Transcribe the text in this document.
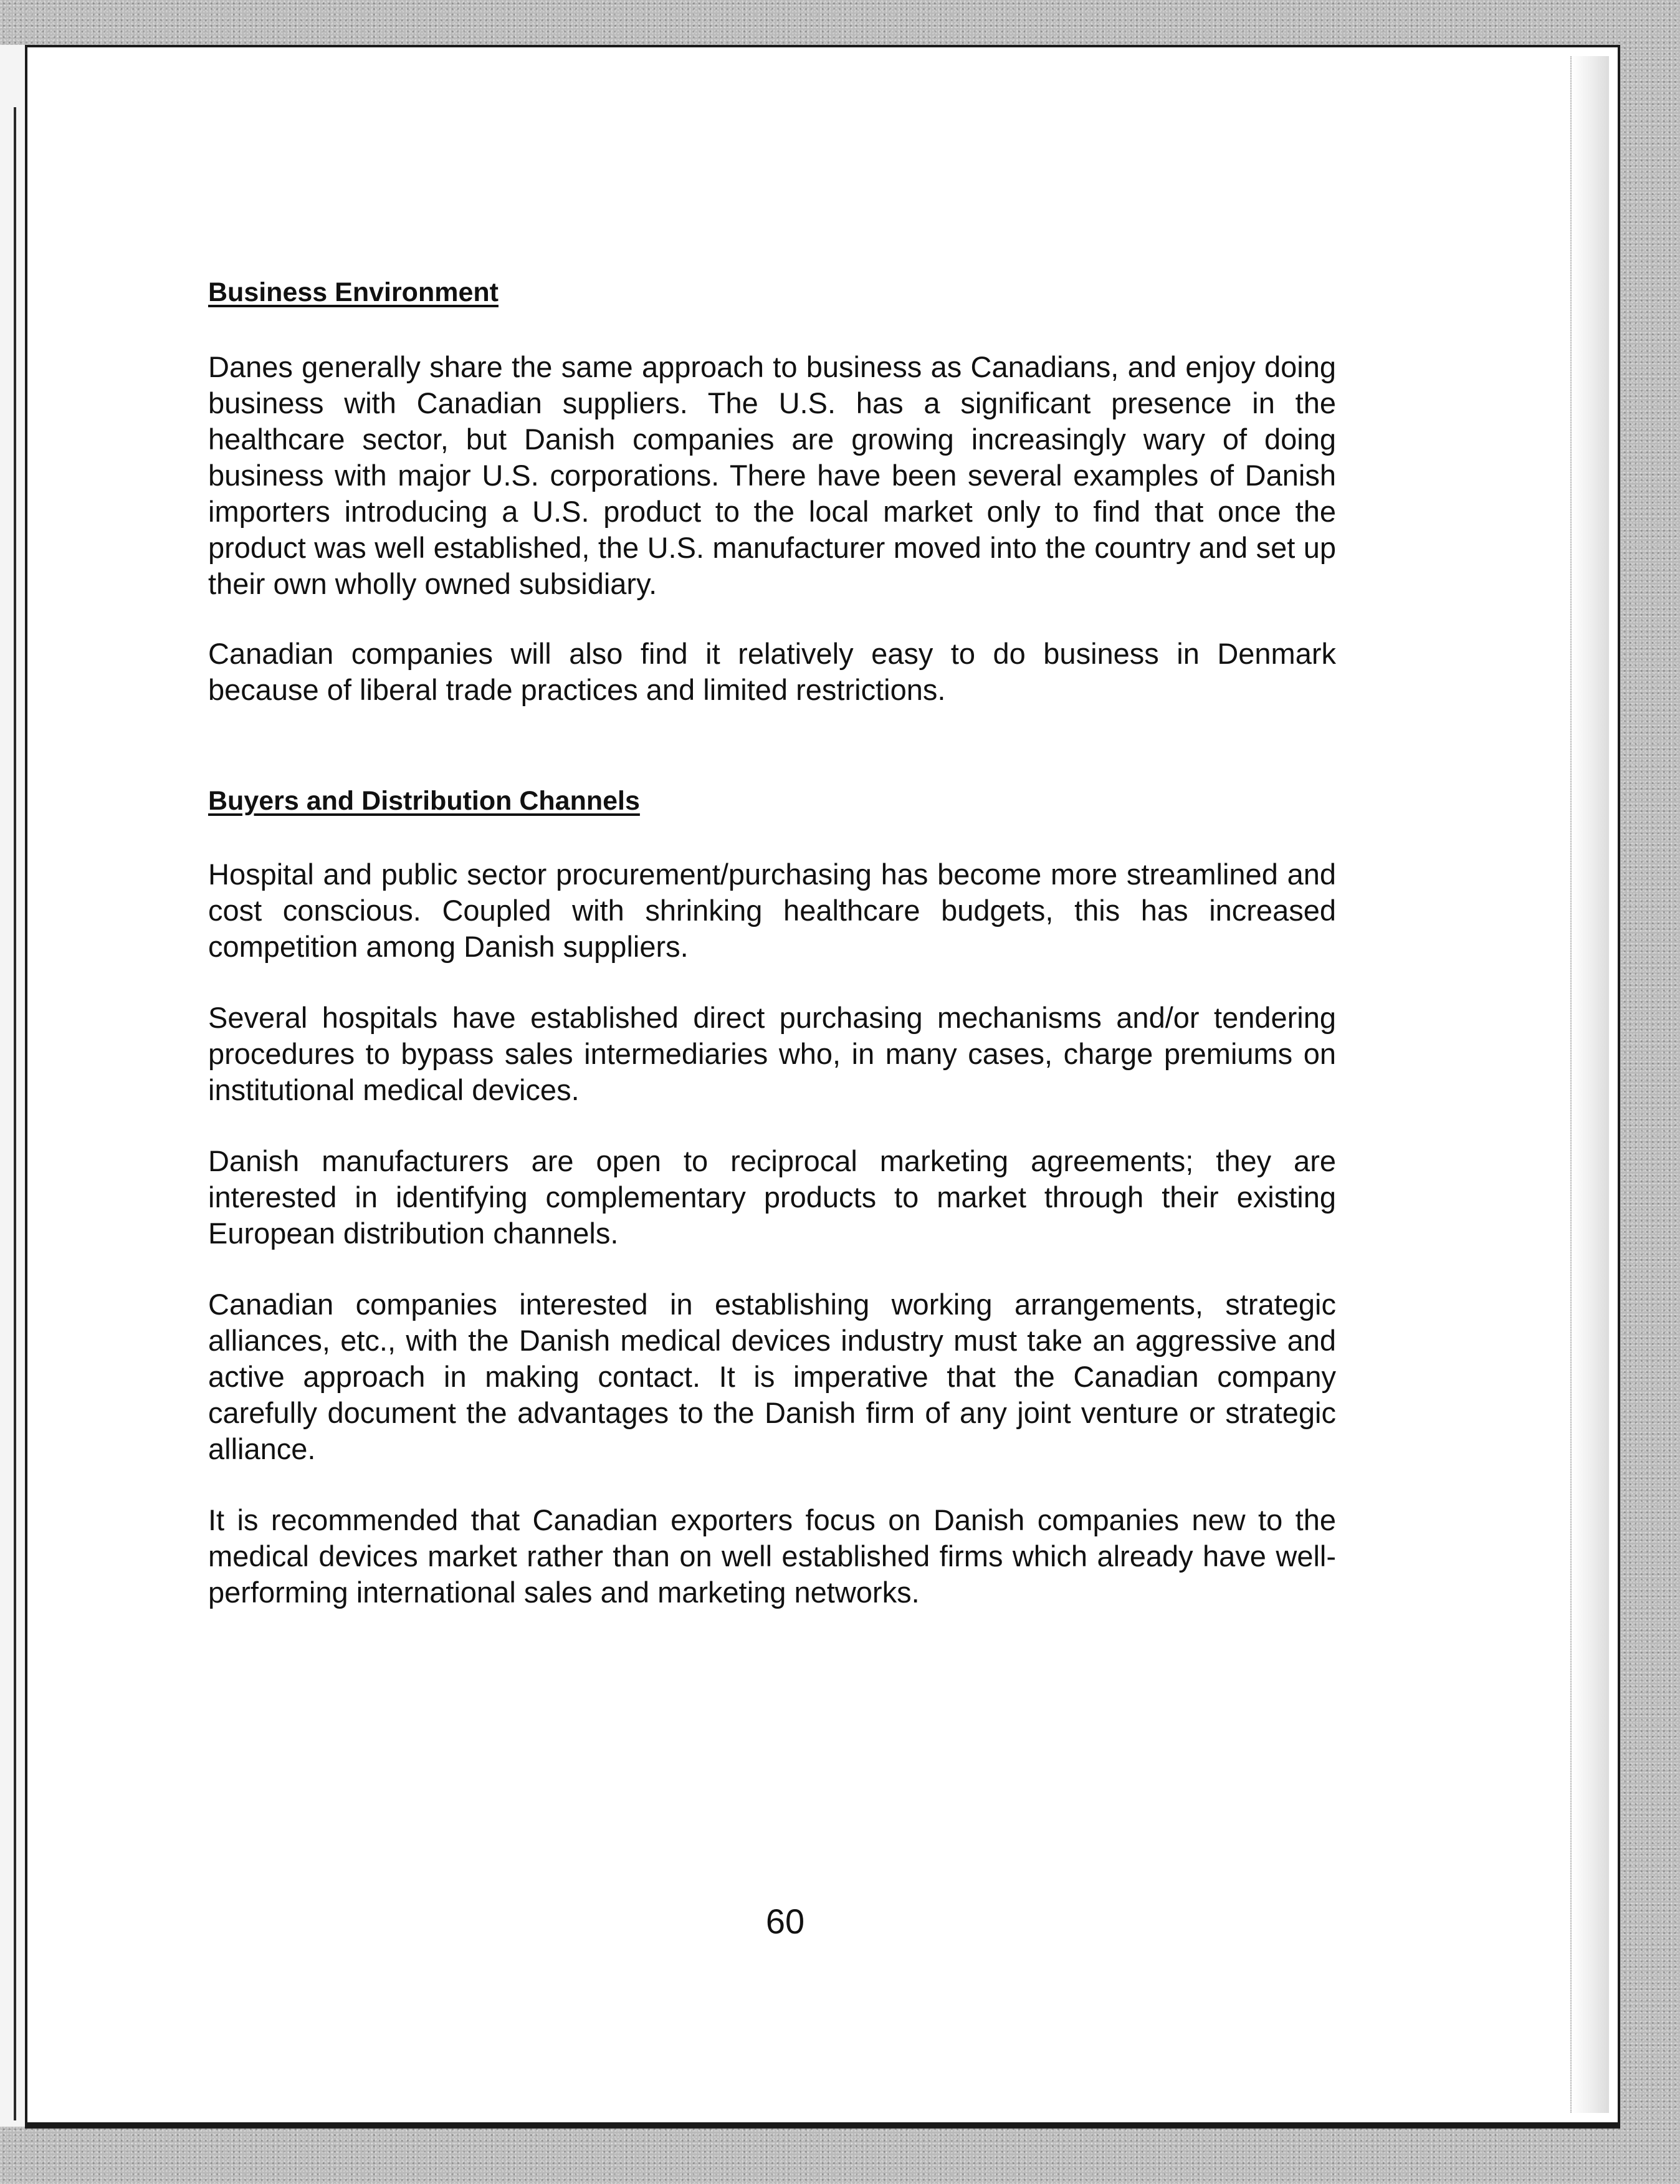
Business Environment

Danes generally share the same approach to business as Canadians, and enjoy doing business with Canadian suppliers. The U.S. has a significant presence in the healthcare sector, but Danish companies are growing increasingly wary of doing business with major U.S. corporations. There have been several examples of Danish importers introducing a U.S. product to the local market only to find that once the product was well established, the U.S. manufacturer moved into the country and set up their own wholly owned subsidiary.

Canadian companies will also find it relatively easy to do business in Denmark because of liberal trade practices and limited restrictions.

Buyers and Distribution Channels

Hospital and public sector procurement/purchasing has become more streamlined and cost conscious. Coupled with shrinking healthcare budgets, this has increased competition among Danish suppliers.

Several hospitals have established direct purchasing mechanisms and/or tendering procedures to bypass sales intermediaries who, in many cases, charge premiums on institutional medical devices.

Danish manufacturers are open to reciprocal marketing agreements; they are interested in identifying complementary products to market through their existing European distribution channels.

Canadian companies interested in establishing working arrangements, strategic alliances, etc., with the Danish medical devices industry must take an aggressive and active approach in making contact. It is imperative that the Canadian company carefully document the advantages to the Danish firm of any joint venture or strategic alliance.

It is recommended that Canadian exporters focus on Danish companies new to the medical devices market rather than on well established firms which already have well-performing international sales and marketing networks.

60
